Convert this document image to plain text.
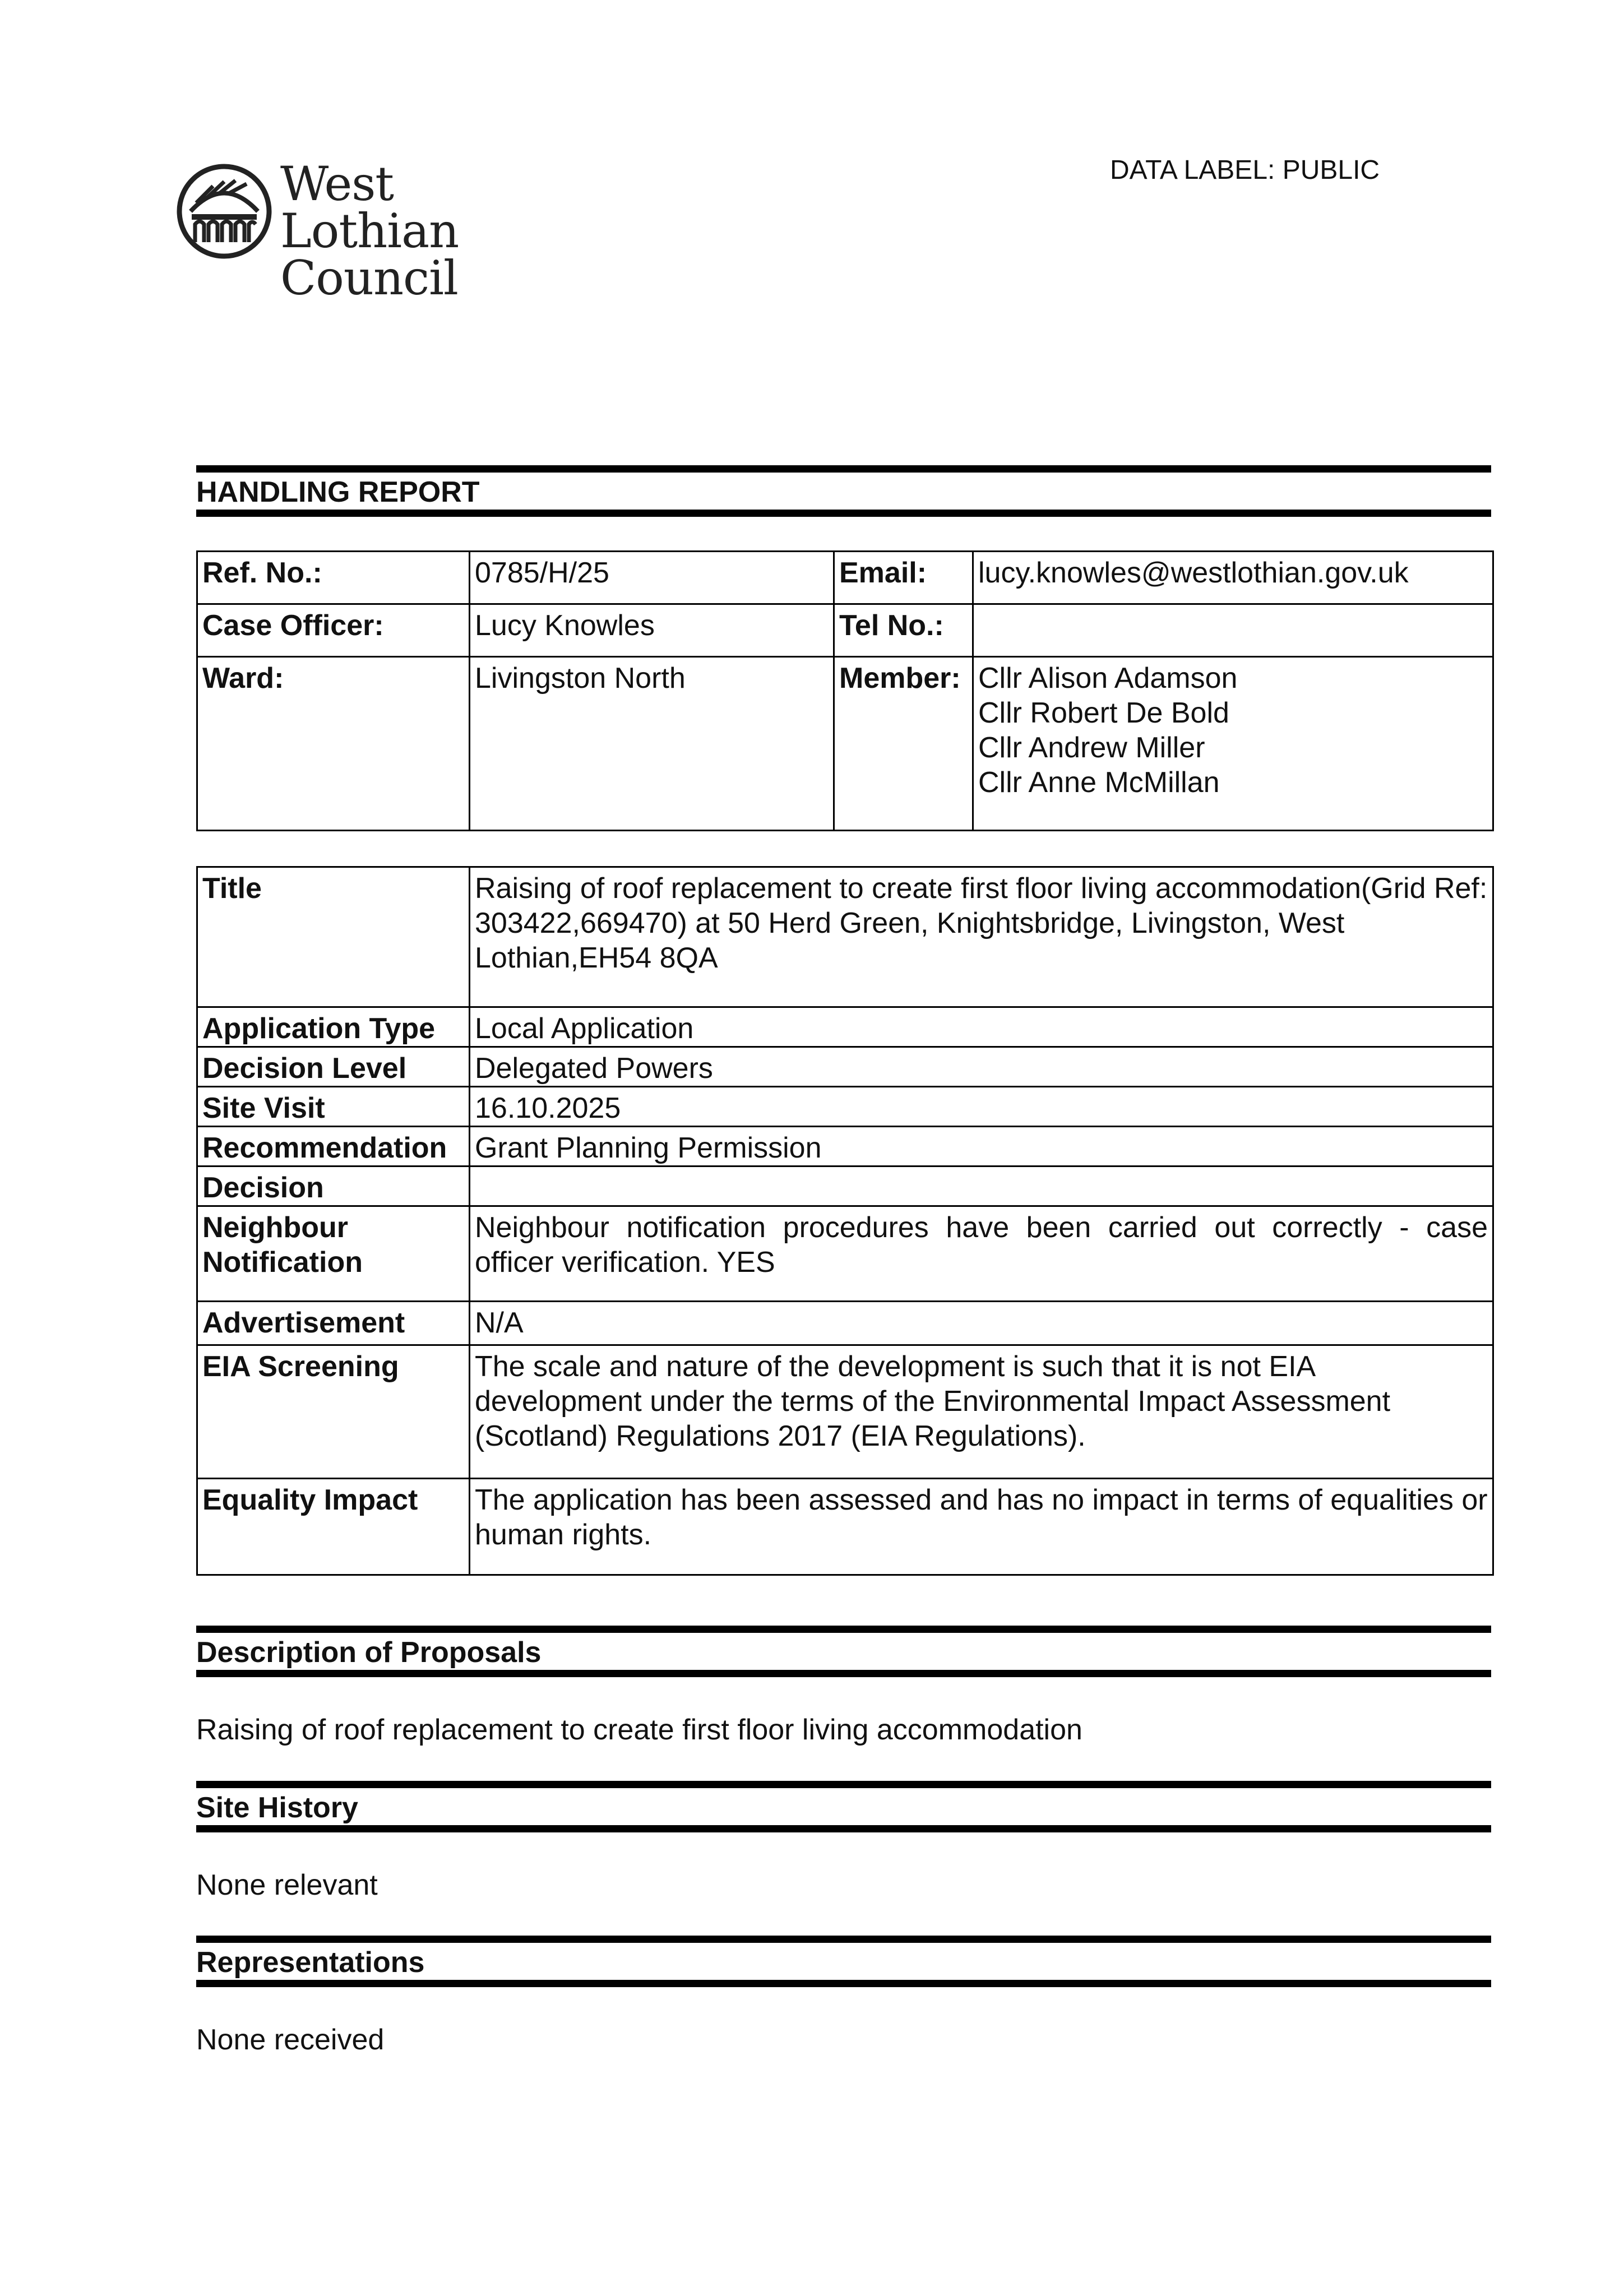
West Lothian
Council
DATA LABEL: PUBLIC
HANDLING REPORT
Ref. No.:	0785/H/25	Email:	lucy.knowles@westlothian.gov.uk
Case Officer:	Lucy Knowles	Tel No.:	
Ward:	Livingston North	Member:	Cllr Alison Adamson
Cllr Robert De Bold
Cllr Andrew Miller
Cllr Anne McMillan
Title	Raising of roof replacement to create first floor living accommodation(Grid Ref: 303422,669470) at 50 Herd Green, Knightsbridge, Livingston, West Lothian,EH54 8QA
Application Type	Local Application
Decision Level	Delegated Powers
Site Visit	16.10.2025
Recommendation	Grant Planning Permission
Decision	
Neighbour Notification	Neighbour notification procedures have been carried out correctly - case officer verification. YES
Advertisement	N/A
EIA Screening	The scale and nature of the development is such that it is not EIA development under the terms of the Environmental Impact Assessment (Scotland) Regulations 2017 (EIA Regulations).
Equality Impact	The application has been assessed and has no impact in terms of equalities or human rights.
Description of Proposals
Raising of roof replacement to create first floor living accommodation
Site History
None relevant
Representations
None received
